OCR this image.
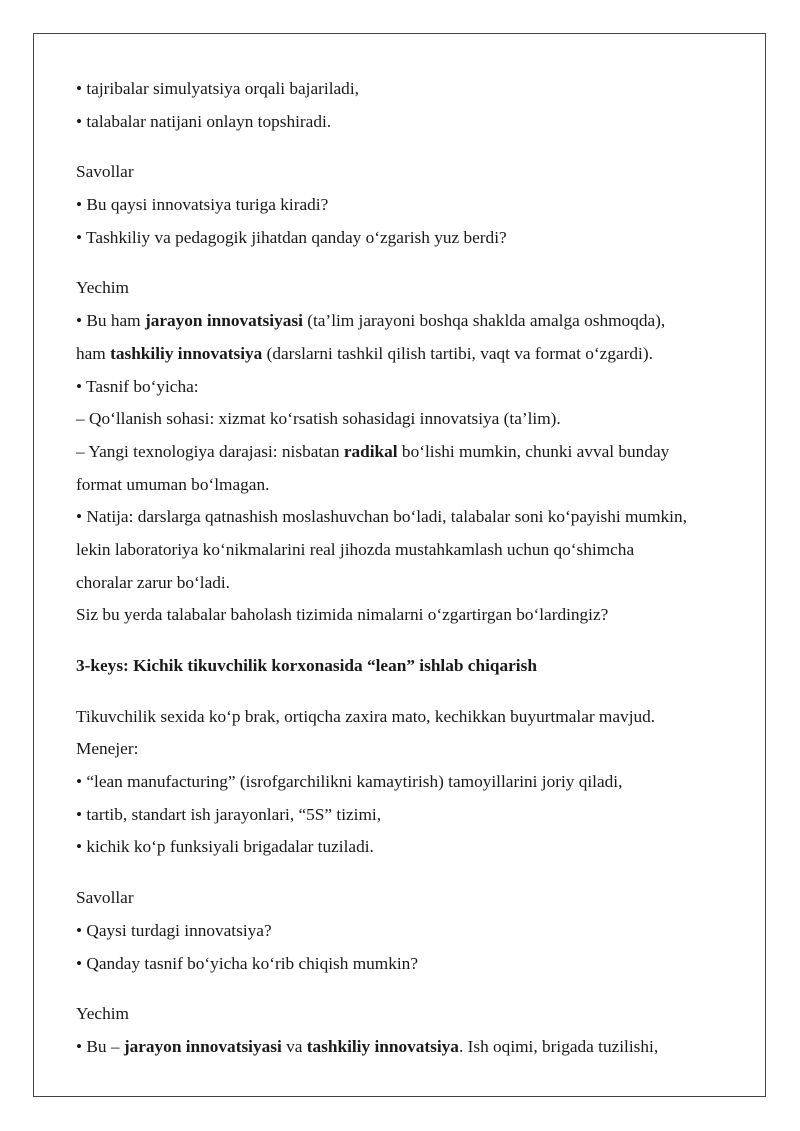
• tajribalar simulyatsiya orqali bajariladi,
• talabalar natijani onlayn topshiradi.
Savollar
• Bu qaysi innovatsiya turiga kiradi?
• Tashkiliy va pedagogik jihatdan qanday o‘zgarish yuz berdi?
Yechim
• Bu ham jarayon innovatsiyasi (ta’lim jarayoni boshqa shaklda amalga oshmoqda),
ham tashkiliy innovatsiya (darslarni tashkil qilish tartibi, vaqt va format o‘zgardi).
• Tasnif bo‘yicha:
– Qo‘llanish sohasi: xizmat ko‘rsatish sohasidagi innovatsiya (ta’lim).
– Yangi texnologiya darajasi: nisbatan radikal bo‘lishi mumkin, chunki avval bunday
format umuman bo‘lmagan.
• Natija: darslarga qatnashish moslashuvchan bo‘ladi, talabalar soni ko‘payishi mumkin,
lekin laboratoriya ko‘nikmalarini real jihozda mustahkamlash uchun qo‘shimcha
choralar zarur bo‘ladi.
Siz bu yerda talabalar baholash tizimida nimalarni o‘zgartirgan bo‘lardingiz?
3-keys: Kichik tikuvchilik korxonasida “lean” ishlab chiqarish
Tikuvchilik sexida ko‘p brak, ortiqcha zaxira mato, kechikkan buyurtmalar mavjud.
Menejer:
• “lean manufacturing” (isrofgarchilikni kamaytirish) tamoyillarini joriy qiladi,
• tartib, standart ish jarayonlari, “5S” tizimi,
• kichik ko‘p funksiyali brigadalar tuziladi.
Savollar
• Qaysi turdagi innovatsiya?
• Qanday tasnif bo‘yicha ko‘rib chiqish mumkin?
Yechim
• Bu – jarayon innovatsiyasi va tashkiliy innovatsiya. Ish oqimi, brigada tuzilishi,
